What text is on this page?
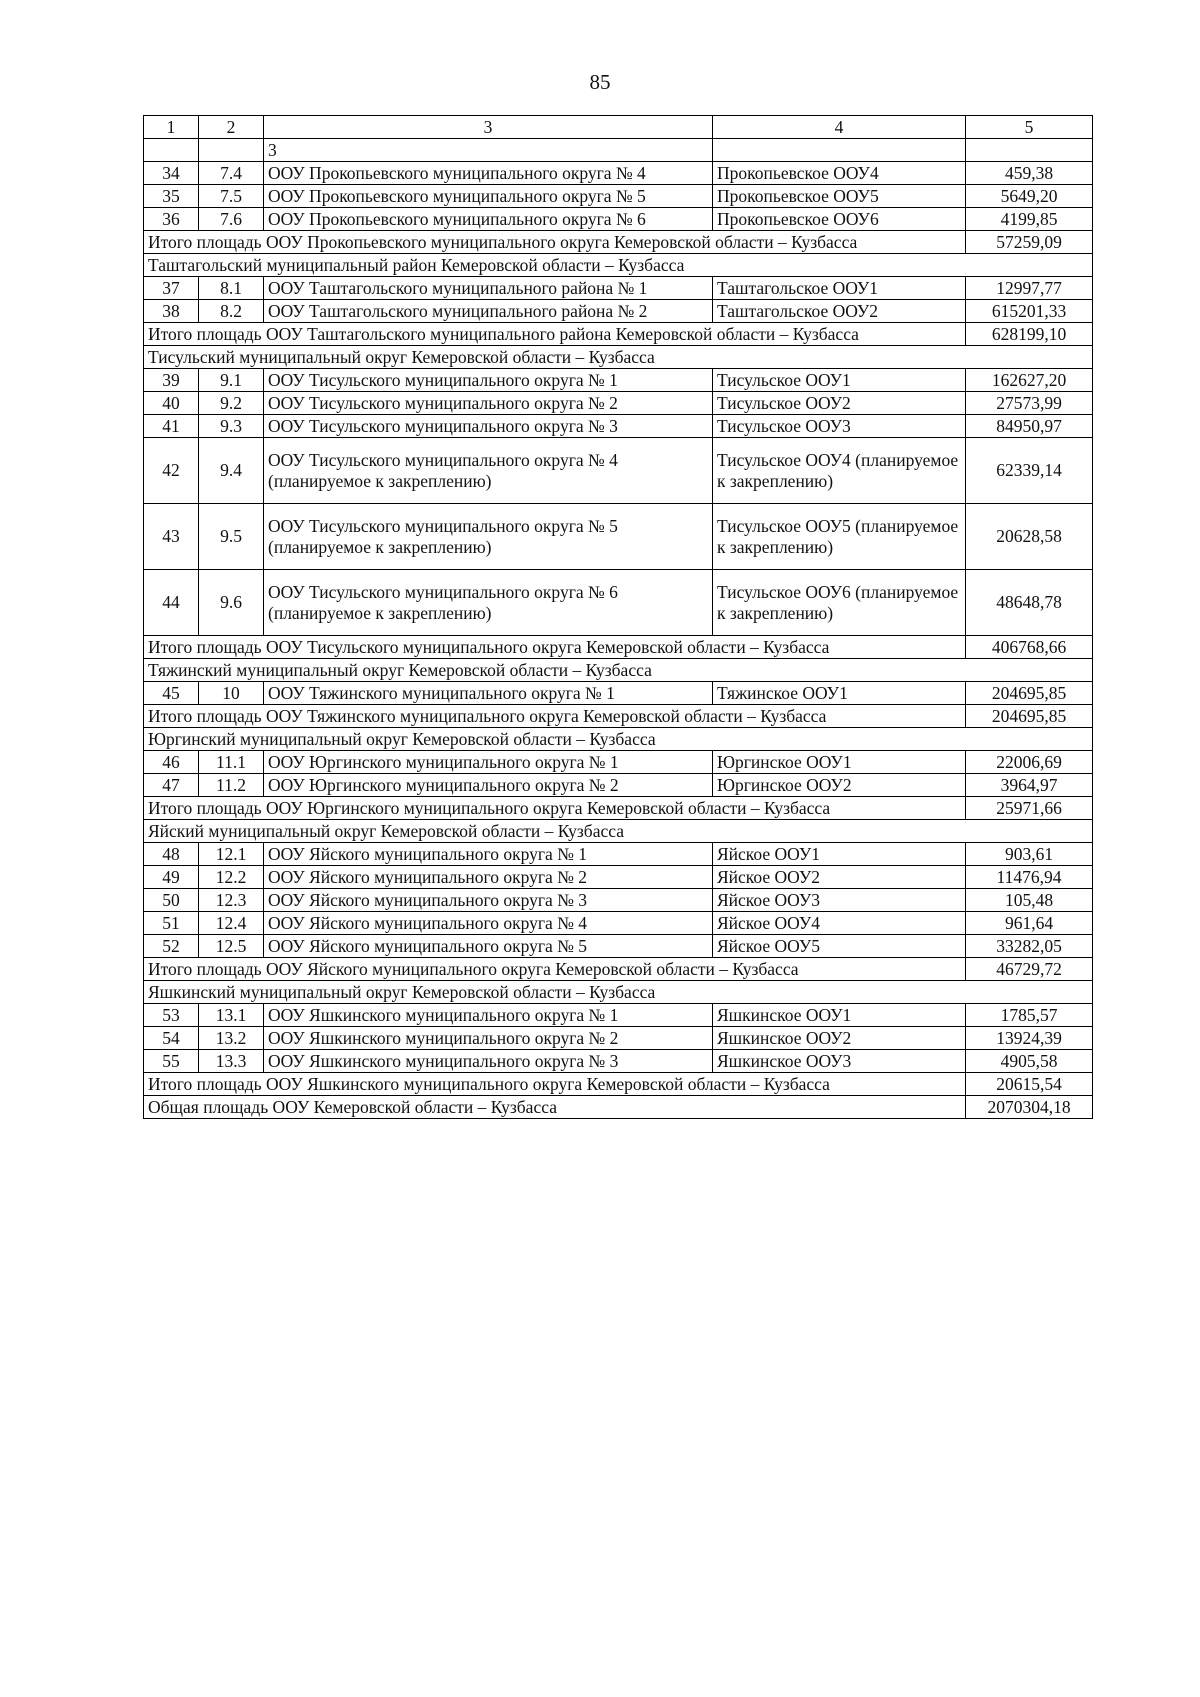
85
1	2	3	4	5
		3		
34	7.4	ООУ Прокопьевского муниципального округа № 4	Прокопьевское ООУ4	459,38
35	7.5	ООУ Прокопьевского муниципального округа № 5	Прокопьевское ООУ5	5649,20
36	7.6	ООУ Прокопьевского муниципального округа № 6	Прокопьевское ООУ6	4199,85
Итого площадь ООУ Прокопьевского муниципального округа Кемеровской области – Кузбасса				57259,09
Таштагольский муниципальный район Кемеровской области – Кузбасса				
37	8.1	ООУ Таштагольского муниципального района № 1	Таштагольское ООУ1	12997,77
38	8.2	ООУ Таштагольского муниципального района № 2	Таштагольское ООУ2	615201,33
Итого площадь ООУ Таштагольского муниципального района Кемеровской области – Кузбасса				628199,10
Тисульский муниципальный округ Кемеровской области – Кузбасса				
39	9.1	ООУ Тисульского муниципального округа № 1	Тисульское ООУ1	162627,20
40	9.2	ООУ Тисульского муниципального округа № 2	Тисульское ООУ2	27573,99
41	9.3	ООУ Тисульского муниципального округа № 3	Тисульское ООУ3	84950,97
42	9.4	ООУ Тисульского муниципального округа № 4 (планируемое к закреплению)	Тисульское ООУ4 (планируемое к закреплению)	62339,14
43	9.5	ООУ Тисульского муниципального округа № 5 (планируемое к закреплению)	Тисульское ООУ5 (планируемое к закреплению)	20628,58
44	9.6	ООУ Тисульского муниципального округа № 6 (планируемое к закреплению)	Тисульское ООУ6 (планируемое к закреплению)	48648,78
Итого площадь ООУ Тисульского муниципального округа Кемеровской области – Кузбасса				406768,66
Тяжинский муниципальный округ Кемеровской области – Кузбасса				
45	10	ООУ Тяжинского муниципального округа № 1	Тяжинское ООУ1	204695,85
Итого площадь ООУ Тяжинского муниципального округа Кемеровской области – Кузбасса				204695,85
Юргинский муниципальный округ Кемеровской области – Кузбасса				
46	11.1	ООУ Юргинского муниципального округа № 1	Юргинское ООУ1	22006,69
47	11.2	ООУ Юргинского муниципального округа № 2	Юргинское ООУ2	3964,97
Итого площадь ООУ Юргинского муниципального округа Кемеровской области – Кузбасса				25971,66
Яйский муниципальный округ Кемеровской области – Кузбасса				
48	12.1	ООУ Яйского муниципального округа № 1	Яйское ООУ1	903,61
49	12.2	ООУ Яйского муниципального округа № 2	Яйское ООУ2	11476,94
50	12.3	ООУ Яйского муниципального округа № 3	Яйское ООУ3	105,48
51	12.4	ООУ Яйского муниципального округа № 4	Яйское ООУ4	961,64
52	12.5	ООУ Яйского муниципального округа № 5	Яйское ООУ5	33282,05
Итого площадь ООУ Яйского муниципального округа Кемеровской области – Кузбасса				46729,72
Яшкинский муниципальный округ Кемеровской области – Кузбасса				
53	13.1	ООУ Яшкинского муниципального округа № 1	Яшкинское ООУ1	1785,57
54	13.2	ООУ Яшкинского муниципального округа № 2	Яшкинское ООУ2	13924,39
55	13.3	ООУ Яшкинского муниципального округа № 3	Яшкинское ООУ3	4905,58
Итого площадь ООУ Яшкинского муниципального округа Кемеровской области – Кузбасса				20615,54
Общая площадь ООУ Кемеровской области – Кузбасса				2070304,18
